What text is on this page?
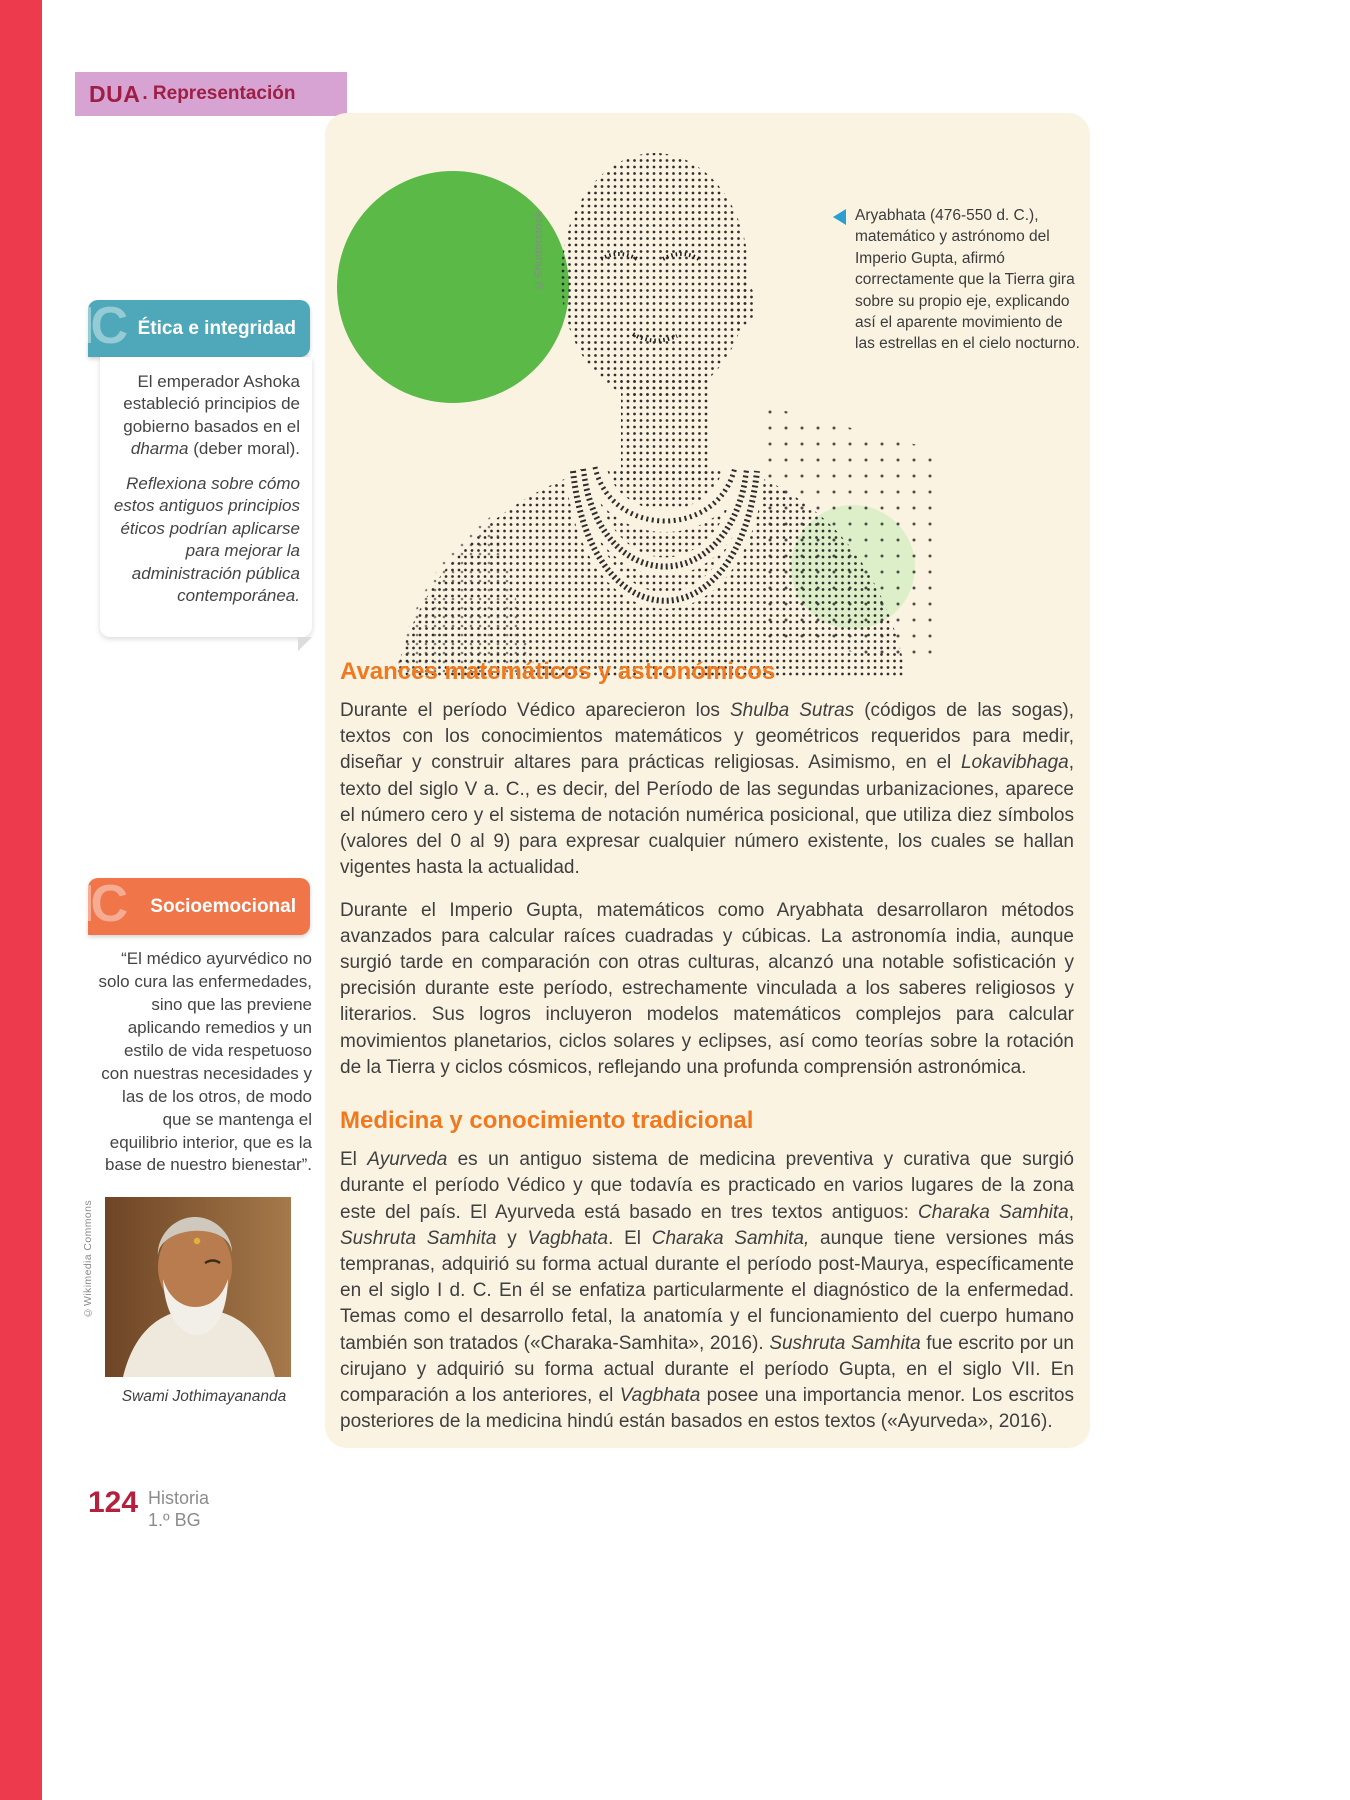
DUA . Representación
©Shutterstock	Aryabhata (476-550 d. C.), matemático y astrónomo del Imperio Gupta, afirmó correctamente que la Tierra gira sobre su propio eje, explicando así el aparente movimiento de las estrellas en el cielo nocturno.
Avances matemáticos y astronómicos

Durante el período Védico aparecieron los Shulba Sutras (códigos de las sogas), textos con los conocimientos matemáticos y geométricos requeridos para medir, diseñar y construir altares para prácticas religiosas. Asimismo, en el Lokavibhaga, texto del siglo V a. C., es decir, del Período de las segundas urbanizaciones, aparece el número cero y el sistema de notación numérica posicional, que utiliza diez símbolos (valores del 0 al 9) para expresar cualquier número existente, los cuales se hallan vigentes hasta la actualidad.

Durante el Imperio Gupta, matemáticos como Aryabhata desarrollaron métodos avanzados para calcular raíces cuadradas y cúbicas. La astronomía india, aunque surgió tarde en comparación con otras culturas, alcanzó una notable sofisticación y precisión durante este período, estrechamente vinculada a los saberes religiosos y literarios. Sus logros incluyeron modelos matemáticos complejos para calcular movimientos planetarios, ciclos solares y eclipses, así como teorías sobre la rotación de la Tierra y ciclos cósmicos, reflejando una profunda comprensión astronómica.

Medicina y conocimiento tradicional

El Ayurveda es un antiguo sistema de medicina preventiva y curativa que surgió durante el período Védico y que todavía es practicado en varios lugares de la zona este del país. El Ayurveda está basado en tres textos antiguos: Charaka Samhita, Sushruta Samhita y Vagbhata. El Charaka Samhita, aunque tiene versiones más tempranas, adquirió su forma actual durante el período post-Maurya, específicamente en el siglo I d. C. En él se enfatiza particularmente el diagnóstico de la enfermedad. Temas como el desarrollo fetal, la anatomía y el funcionamiento del cuerpo humano también son tratados («Charaka-Samhita», 2016). Sushruta Samhita fue escrito por un cirujano y adquirió su forma actual durante el período Gupta, en el siglo VII. En comparación a los anteriores, el Vagbhata posee una importancia menor. Los escritos posteriores de la medicina hindú están basados en estos textos («Ayurveda», 2016).

IC Ética e integridad
El emperador Ashoka estableció principios de gobierno basados en el dharma (deber moral).
Reflexiona sobre cómo estos antiguos principios éticos podrían aplicarse para mejorar la administración pública contemporánea.
IC Socioemocional
“El médico ayurvédico no solo cura las enfermedades, sino que las previene aplicando remedios y un estilo de vida respetuoso con nuestras necesidades y las de los otros, de modo que se mantenga el equilibrio interior, que es la base de nuestro bienestar”.
©Wikimedia Commons
Swami Jothimayananda
124 Historia
1.º BG
